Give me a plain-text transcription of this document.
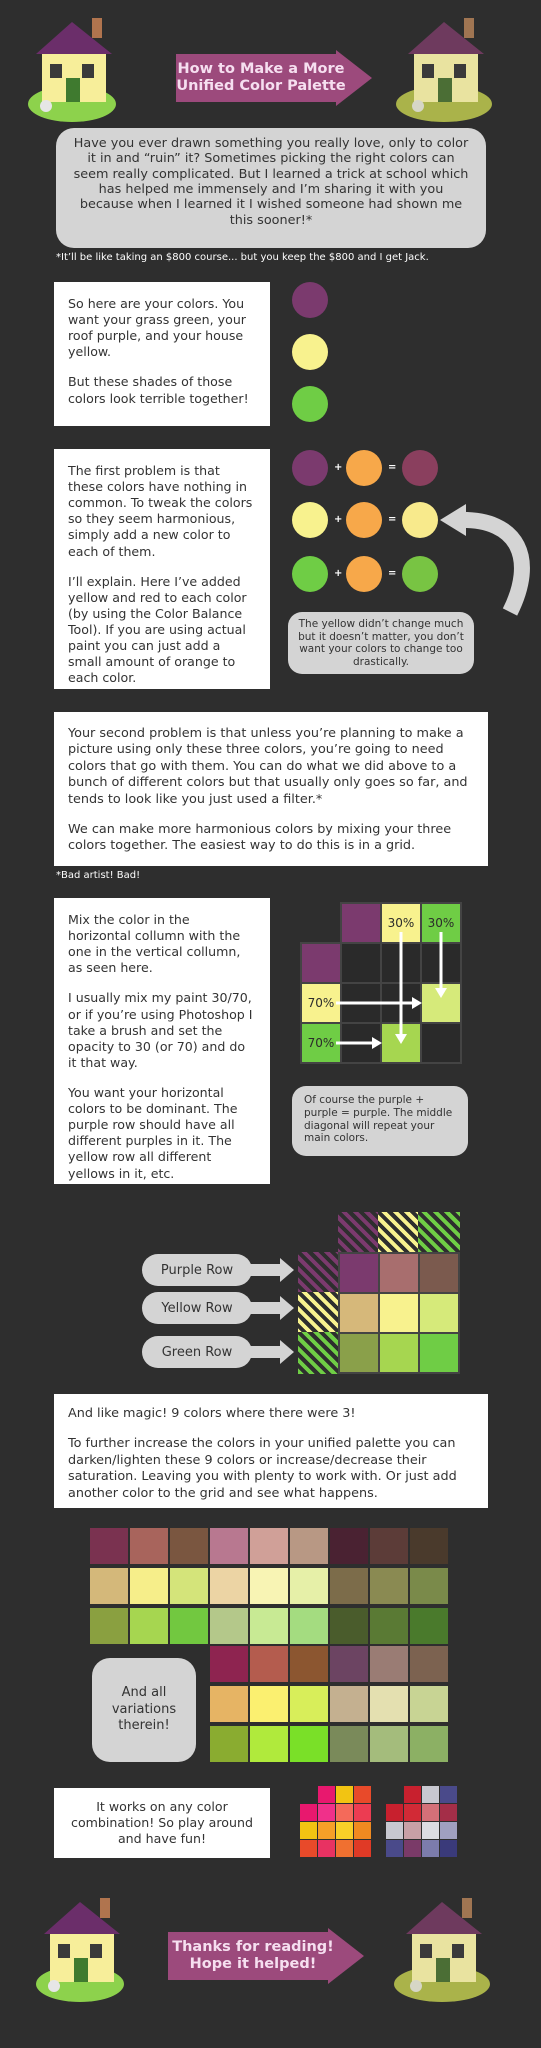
How to Make a More
Unified Color Palette
Have you ever drawn something you really love, only to color it in and “ruin” it? Sometimes picking the right colors can seem really complicated. But I learned a trick at school which has helped me immensely and I’m sharing it with you because when I learned it I wished someone had shown me this sooner!*
*It’ll be like taking an $800 course... but you keep the $800 and I get Jack.

So here are your colors. You want your grass green, your roof purple, and your house yellow.

But these shades of those colors look terrible together!

The first problem is that these colors have nothing in common. To tweak the colors so they seem harmonious, simply add a new color to each of them.

I’ll explain. Here I’ve added yellow and red to each color (by using the Color Balance Tool). If you are using actual paint you can just add a small amount of orange to each color.

+	=
+	=
+	=
The yellow didn’t change much but it doesn’t matter, you don’t want your colors to change too drastically.

Your second problem is that unless you’re planning to make a picture using only these three colors, you’re going to need colors that go with them. You can do what we did above to a bunch of different colors but that usually only goes so far, and tends to look like you just used a filter.*

We can make more harmonious colors by mixing your three colors together. The easiest way to do this is in a grid.

*Bad artist! Bad!

Mix the color in the horizontal collumn with the one in the vertical collumn, as seen here.

I usually mix my paint 30/70, or if you’re using Photoshop I take a brush and set the opacity to 30 (or 70) and do it that way.

You want your horizontal colors to be dominant. The purple row should have all different purples in it. The yellow row all different yellows in it, etc.

30%	30%
70%
70%
Of course the purple + purple = purple. The middle diagonal will repeat your main colors.
Purple Row
Yellow Row
Green Row

And like magic! 9 colors where there were 3!

To further increase the colors in your unified palette you can darken/lighten these 9 colors or increase/decrease their saturation. Leaving you with plenty to work with. Or just add another color to the grid and see what happens.

And all variations therein!
It works on any color combination! So play around and have fun!
Thanks for reading!
Hope it helped!
